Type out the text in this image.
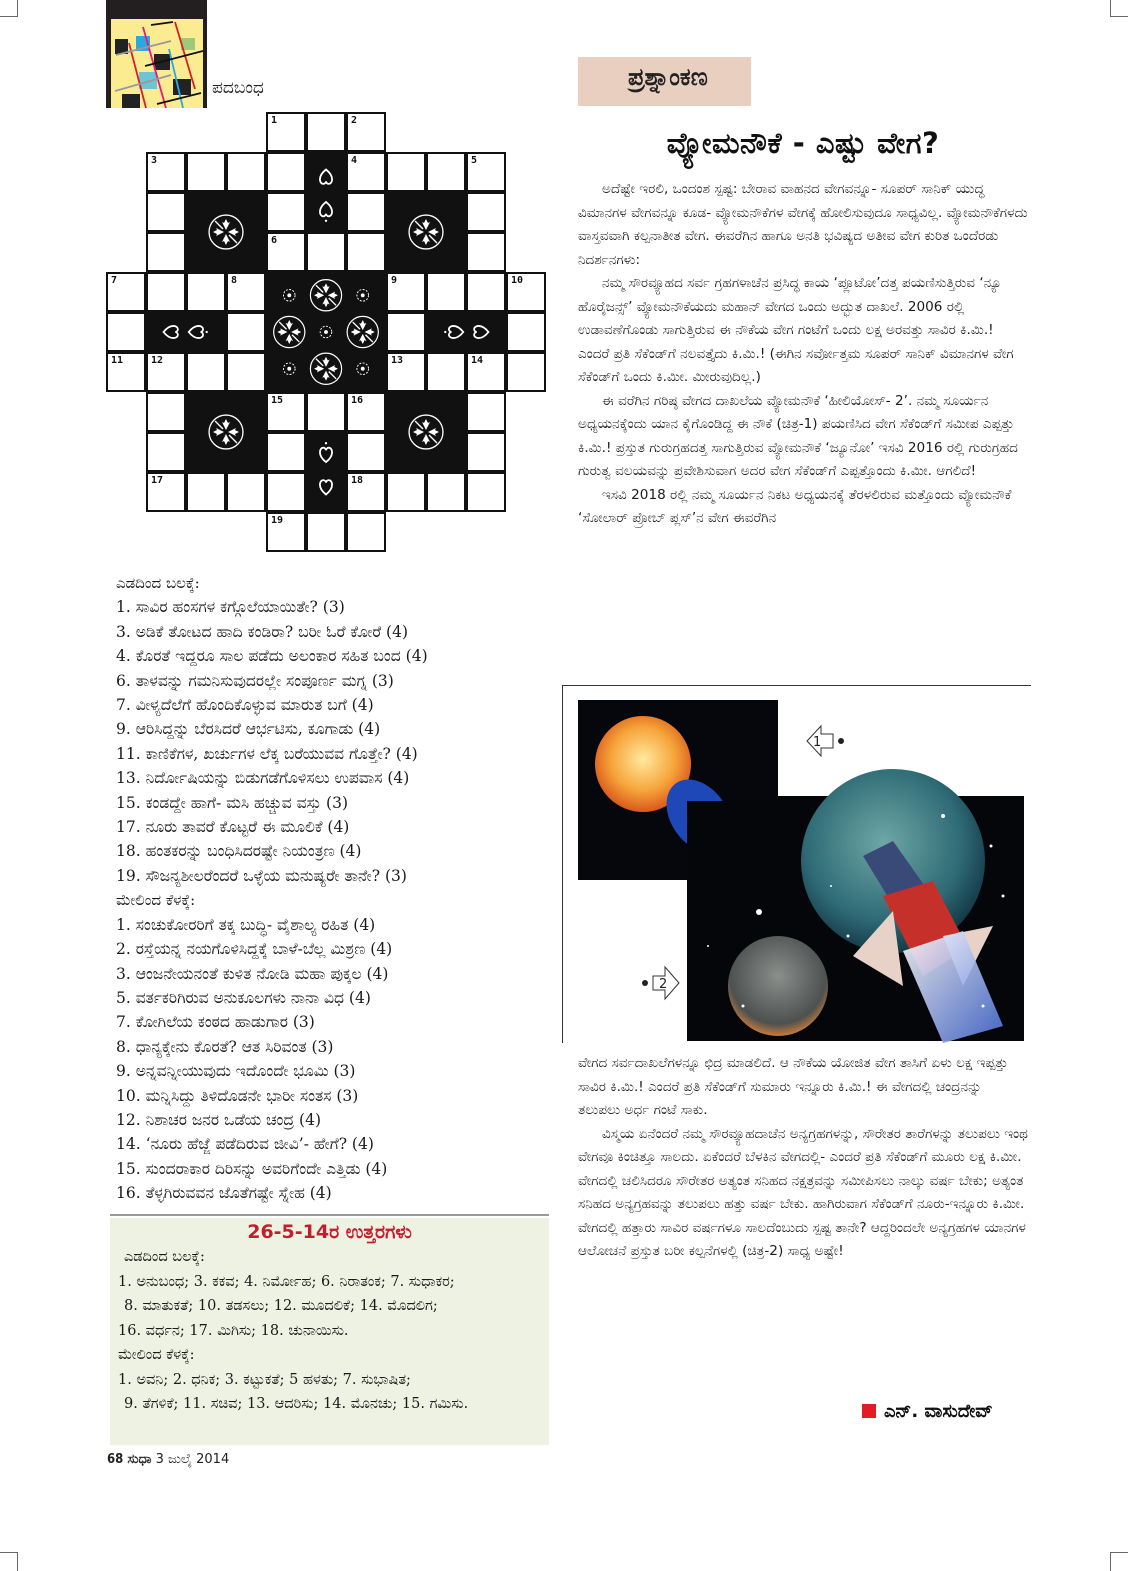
ಪದಬಂಧ
1	2
3	4	5
6
7	8	9	10
11	12	13	14
15	16
17	18
19
ಎಡದಿಂದ ಬಲಕ್ಕೆ:
1. ಸಾವಿರ ಹಂಸಗಳ ಕಗ್ಗೊಲೆಯಾಯಿತೇ? (3)
3. ಅಡಿಕೆ ತೋಟದ ಹಾದಿ ಕಂಡಿರಾ? ಬರೀ ಓರೆ ಕೋರೆ (4)
4. ಕೊರತೆ ಇದ್ದರೂ ಸಾಲ ಪಡೆದು ಅಲಂಕಾರ ಸಹಿತ ಬಂದ (4)
6. ತಾಳವನ್ನು ಗಮನಿಸುವುದರಲ್ಲೇ ಸಂಪೂರ್ಣ ಮಗ್ನ (3)
7. ವೀಳ್ಯದೆಲೆಗೆ ಹೊಂದಿಕೊಳ್ಳುವ ಮಾರುತ ಬಗೆ (4)
9. ಆರಿಸಿದ್ದನ್ನು ಬೆರಸಿದರೆ ಆರ್ಭಟಿಸು, ಕೂಗಾಡು (4)
11. ಕಾಣಿಕೆಗಳ, ಖರ್ಚುಗಳ ಲೆಕ್ಕ ಬರೆಯುವವ ಗೊತ್ತೇ? (4)
13. ನಿರ್ದೋಷಿಯನ್ನು ಬಿಡುಗಡೆಗೊಳಿಸಲು ಉಪವಾಸ (4)
15. ಕಂಡದ್ದೇ ಹಾಗೆ- ಮಸಿ ಹಚ್ಚುವ ವಸ್ತು (3)
17. ನೂರು ತಾವರೆ ಕೊಟ್ಟರೆ ಈ ಮೂಲಿಕೆ (4)
18. ಹಂತಕರನ್ನು ಬಂಧಿಸಿದರಷ್ಟೇ ನಿಯಂತ್ರಣ (4)
19. ಸೌಜನ್ಯಶೀಲರೆಂದರೆ ಒಳ್ಳೆಯ ಮನುಷ್ಯರೇ ತಾನೇ? (3)
ಮೇಲಿಂದ ಕೆಳಕ್ಕೆ:
1. ಸಂಚುಕೋರರಿಗೆ ತಕ್ಕ ಬುದ್ಧಿ- ವೈಶಾಲ್ಯ ರಹಿತ (4)
2. ರಸ್ತೆಯನ್ನ ನಯಗೊಳಿಸಿದ್ದಕ್ಕೆ ಬಾಳೆ-ಬೆಲ್ಲ ಮಿಶ್ರಣ (4)
3. ಆಂಜನೇಯನಂತೆ ಕುಳಿತ ನೋಡಿ ಮಹಾ ಪುಕ್ಕಲ (4)
5. ವರ್ತಕರಿಗಿರುವ ಅನುಕೂಲಗಳು ನಾನಾ ವಿಧ (4)
7. ಕೋಗಿಲೆಯ ಕಂಠದ ಹಾಡುಗಾರ (3)
8. ಧಾನ್ಯಕ್ಕೇನು ಕೊರತೆ? ಆತ ಸಿರಿವಂತ (3)
9. ಅನ್ನವನ್ನೀಯುವುದು ಇದೊಂದೇ ಭೂಮಿ (3)
10. ಮನ್ನಿಸಿದ್ದು ತಿಳಿದೊಡನೇ ಭಾರೀ ಸಂತಸ (3)
12. ನಿಶಾಚರ ಜನರ ಒಡೆಯ ಚಂದ್ರ (4)
14. ‘ನೂರು ಹೆಜ್ಜೆ ಪಡೆದಿರುವ ಜೀವಿ’- ಹೇಗೆ? (4)
15. ಸುಂದರಾಕಾರ ದಿರಿಸನ್ನು ಅವರಿಗೆಂದೇ ಎತ್ತಿಡು (4)
16. ತೆಳ್ಳಗಿರುವವನ ಜೊತೆಗಷ್ಟೇ ಸ್ನೇಹ (4)
26-5-14ರ ಉತ್ತರಗಳು
ಎಡದಿಂದ ಬಲಕ್ಕೆ:
1. ಅನುಬಂಧ; 3. ಕಕವ; 4. ನಿರ್ಮೋಹ; 6. ನಿರಾತಂಕ; 7. ಸುಧಾಕರ;
8. ಮಾತುಕತೆ; 10. ತಡಸಲು; 12. ಮೂದಲಿಕೆ; 14. ಮೊದಲಿಗ;
16. ವರ್ಧನ; 17. ಮಿಗಿಸು; 18. ಚುನಾಯಿಸು.
ಮೇಲಿಂದ ಕೆಳಕ್ಕೆ:
1. ಅವನಿ; 2. ಧನಿಕ; 3. ಕಟ್ಟುಕತೆ; 5 ಹಳತು; 7. ಸುಭಾಷಿತ;
9. ತೆಗಳಿಕೆ; 11. ಸಚಿವ; 13. ಆದರಿಸು; 14. ಮೊನಚು; 15. ಗಮಿಸು.
68 ಸುಧಾ 3 ಜುಲೈ 2014
ಪ್ರಶ್ನಾಂಕಣ
ವ್ಯೋಮನೌಕೆ - ಎಷ್ಟು ವೇಗ?

ಅದೆಷ್ಟೇ ಇರಲಿ, ಒಂದಂಶ ಸ್ಪಷ್ಟ: ಬೇರಾವ ವಾಹನದ ವೇಗವನ್ನೂ- ಸೂಪರ್ ಸಾನಿಕ್ ಯುದ್ಧ ವಿಮಾನಗಳ ವೇಗವನ್ನೂ ಕೂಡ- ವ್ಯೋಮನೌಕೆಗಳ ವೇಗಕ್ಕೆ ಹೋಲಿಸುವುದೂ ಸಾಧ್ಯವಿಲ್ಲ. ವ್ಯೋಮನೌಕೆಗಳದು ವಾಸ್ತವವಾಗಿ ಕಲ್ಪನಾತೀತ ವೇಗ. ಈವರೆಗಿನ ಹಾಗೂ ಅನತಿ ಭವಿಷ್ಯದ ಅತೀವ ವೇಗ ಕುರಿತ ಒಂದೆರಡು ನಿದರ್ಶನಗಳು:

ನಮ್ಮ ಸೌರವ್ಯೂಹದ ಸರ್ವ ಗ್ರಹಗಳಾಚೆನ ಪ್ರಸಿದ್ಧ ಕಾಯ ‘ಪ್ಲೂಟೋ’ದತ್ತ ಪಯಣಿಸುತ್ತಿರುವ ‘ನ್ಯೂ ಹೊರೈಜನ್ಸ್’ ವ್ಯೋಮನೌಕೆಯದು ಮಹಾನ್ ವೇಗದ ಒಂದು ಅದ್ಭುತ ದಾಖಲೆ. 2006 ರಲ್ಲಿ ಉಡಾವಣೆಗೊಂಡು ಸಾಗುತ್ತಿರುವ ಈ ನೌಕೆಯ ವೇಗ ಗಂಟೆಗೆ ಒಂದು ಲಕ್ಷ ಅರವತ್ತು ಸಾವಿರ ಕಿ.ಮಿ.! ಎಂದರೆ ಪ್ರತಿ ಸೆಕೆಂಡ್‌ಗೆ ನಲವತ್ತೈದು ಕಿ.ಮಿ.! (ಈಗಿನ ಸರ್ವೋತ್ತಮ ಸೂಪರ್ ಸಾನಿಕ್ ವಿಮಾನಗಳ ವೇಗ ಸೆಕೆಂಡ್‌ಗೆ ಒಂದು ಕಿ.ಮೀ. ಮೀರುವುದಿಲ್ಲ.)

ಈ ವರೆಗಿನ ಗರಿಷ್ಠ ವೇಗದ ದಾಖಲೆಯ ವ್ಯೋಮನೌಕೆ ‘ಹೀಲಿಯೋಸ್- 2’. ನಮ್ಮ ಸೂರ್ಯನ ಅಧ್ಯಯನಕ್ಕೆಂದು ಯಾನ ಕೈಗೊಂಡಿದ್ದ ಈ ನೌಕೆ (ಚಿತ್ರ-1) ಪಯಣಿಸಿದ ವೇಗ ಸೆಕೆಂಡ್‌ಗೆ ಸಮೀಪ ಎಪ್ಪತ್ತು ಕಿ.ಮಿ.! ಪ್ರಸ್ತುತ ಗುರುಗ್ರಹದತ್ತ ಸಾಗುತ್ತಿರುವ ವ್ಯೋಮನೌಕೆ ‘ಜ್ಯೂನೋ’ ಇಸವಿ 2016 ರಲ್ಲಿ ಗುರುಗ್ರಹದ ಗುರುತ್ವ ವಲಯವನ್ನು ಪ್ರವೇಶಿಸುವಾಗ ಅದರ ವೇಗ ಸೆಕೆಂಡ್‌ಗೆ ಎಪ್ಪತ್ತೊಂದು ಕಿ.ಮೀ. ಆಗಲಿದೆ!

ಇಸವಿ 2018 ರಲ್ಲಿ ನಮ್ಮ ಸೂರ್ಯನ ನಿಕಟ ಅಧ್ಯಯನಕ್ಕೆ ತೆರಳಲಿರುವ ಮತ್ತೊಂದು ವ್ಯೋಮನೌಕೆ ‘ಸೋಲಾರ್ ಪ್ರೋಬ್ ಪ್ಲಸ್’ನ ವೇಗ ಈವರೆಗಿನ

1
2

ವೇಗದ ಸರ್ವದಾಖಲೆಗಳನ್ನೂ ಛಿದ್ರ ಮಾಡಲಿದೆ. ಆ ನೌಕೆಯ ಯೋಜಿತ ವೇಗ ತಾಸಿಗೆ ಏಳು ಲಕ್ಷ ಇಪ್ಪತ್ತು ಸಾವಿರ ಕಿ.ಮಿ.! ಎಂದರೆ ಪ್ರತಿ ಸೆಕೆಂಡ್‌ಗೆ ಸುಮಾರು ಇನ್ನೂರು ಕಿ.ಮಿ.! ಈ ವೇಗದಲ್ಲಿ ಚಂದ್ರನನ್ನು ತಲುಪಲು ಅರ್ಧ ಗಂಟೆ ಸಾಕು.

ವಿಸ್ಮಯ ಏನೆಂದರೆ ನಮ್ಮ ಸೌರವ್ಯೂಹದಾಚೆನ ಅನ್ಯಗ್ರಹಗಳನ್ನು, ಸೌರೇತರ ತಾರೆಗಳನ್ನು ತಲುಪಲು ಇಂಥ ವೇಗವೂ ಕಿಂಚಿತ್ತೂ ಸಾಲದು. ಏಕೆಂದರೆ ಬೆಳಕಿನ ವೇಗದಲ್ಲಿ- ಎಂದರೆ ಪ್ರತಿ ಸೆಕೆಂಡ್‌ಗೆ ಮೂರು ಲಕ್ಷ ಕಿ.ಮೀ. ವೇಗದಲ್ಲಿ ಚಲಿಸಿದರೂ ಸೌರೇತರ ಅತ್ಯಂತ ಸನಿಹದ ನಕ್ಷತ್ರವನ್ನು ಸಮೀಪಿಸಲು ನಾಲ್ಕು ವರ್ಷ ಬೇಕು; ಅತ್ಯಂತ ಸನಿಹದ ಅನ್ಯಗ್ರಹವನ್ನು ತಲುಪಲು ಹತ್ತು ವರ್ಷ ಬೇಕು. ಹಾಗಿರುವಾಗ ಸೆಕೆಂಡ್‌ಗೆ ನೂರು-ಇನ್ನೂರು ಕಿ.ಮೀ. ವೇಗದಲ್ಲಿ ಹತ್ತಾರು ಸಾವಿರ ವರ್ಷಗಳೂ ಸಾಲದೆಂಬುದು ಸ್ಪಷ್ಟ ತಾನೇ? ಆದ್ದರಿಂದಲೇ ಅನ್ಯಗ್ರಹಗಳ ಯಾನಗಳ ಆಲೋಚನೆ ಪ್ರಸ್ತುತ ಬರೀ ಕಲ್ಪನೆಗಳಲ್ಲಿ (ಚಿತ್ರ-2) ಸಾಧ್ಯ ಅಷ್ಟೇ!

ಎನ್. ವಾಸುದೇವ್
